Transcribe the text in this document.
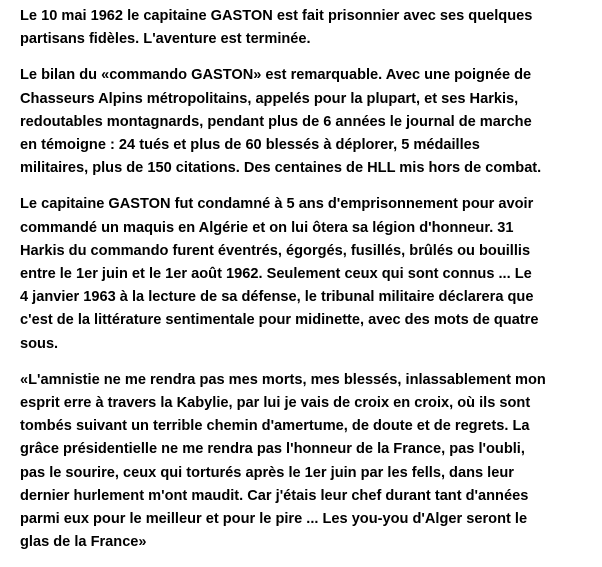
Le 10 mai 1962 le capitaine GASTON est fait prisonnier avec ses quelques
partisans fidèles. L'aventure est terminée.

Le bilan du «commando GASTON» est remarquable. Avec une poignée de
Chasseurs Alpins métropolitains, appelés pour la plupart, et ses Harkis,
redoutables montagnards, pendant plus de 6 années le journal de marche
en témoigne : 24 tués et plus de 60 blessés à déplorer, 5 médailles
militaires, plus de 150 citations. Des centaines de HLL mis hors de combat.

Le capitaine GASTON fut condamné à 5 ans d'emprisonnement pour avoir
commandé un maquis en Algérie et on lui ôtera sa légion d'honneur. 31
Harkis du commando furent éventrés, égorgés, fusillés, brûlés ou bouillis
entre le 1er juin et le 1er août 1962. Seulement ceux qui sont connus ... Le
4 janvier 1963 à la lecture de sa défense, le tribunal militaire déclarera que
c'est de la littérature sentimentale pour midinette, avec des mots de quatre
sous.

«L'amnistie ne me rendra pas mes morts, mes blessés, inlassablement mon
esprit erre à travers la Kabylie, par lui je vais de croix en croix, où ils sont
tombés suivant un terrible chemin d'amertume, de doute et de regrets. La
grâce présidentielle ne me rendra pas l'honneur de la France, pas l'oubli,
pas le sourire, ceux qui torturés après le 1er juin par les fells, dans leur
dernier hurlement m'ont maudit. Car j'étais leur chef durant tant d'années
parmi eux pour le meilleur et pour le pire ... Les you-you d'Alger seront le
glas de la France»
